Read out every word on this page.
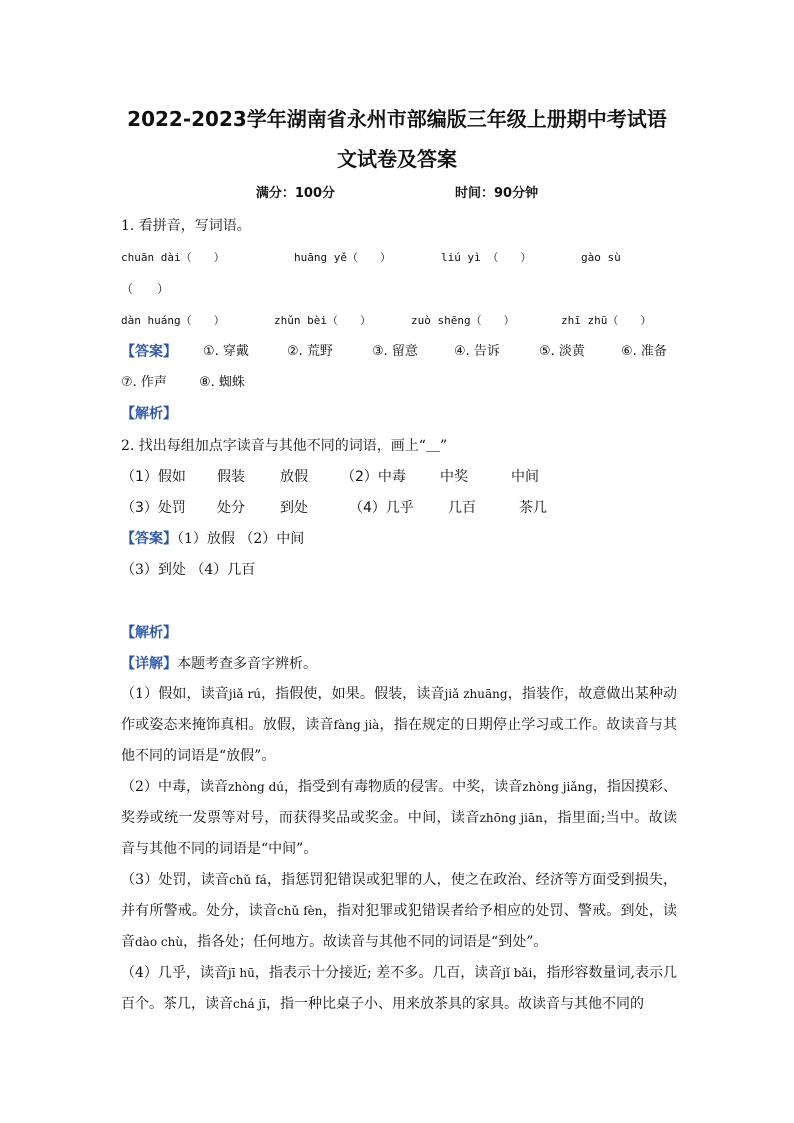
2022-2023学年湖南省永州市部编版三年级上册期中考试语
文试卷及答案
满分：100分	时间：90分钟
1. 看拼音，写词语。
chuān dài（　　）	huāng yě（　　）	liú yì （　　）	gào sù
（　　）
dàn huáng（　　）	zhǔn bèi（　　）	zuò shēng（　　）	zhī zhū（　　）
【答案】 ①. 穿戴	②. 荒野	③. 留意	④. 告诉	⑤. 淡黄	⑥. 准备
⑦. 作声 ⑧. 蜘蛛
【解析】
2. 找出每组加点字读音与其他不同的词语，画上“＿”
（1）假如 假装	放假 （2）中毒 中奖	中间
（3）处罚 处分	到处	（4）几乎 几百	茶几
【答案】（1）放假 （2）中间
（3）到处 （4）几百
【解析】
【详解】本题考查多音字辨析。
（1）假如，读音jiǎ rú，指假使，如果。假装，读音jiǎ zhuāng，指装作，故意做出某种动作或姿态来掩饰真相。放假，读音fàng jià，指在规定的日期停止学习或工作。故读音与其他不同的词语是“放假”。
（2）中毒，读音zhòng dú，指受到有毒物质的侵害。中奖，读音zhòng jiǎng，指因摸彩、奖券或统一发票等对号，而获得奖品或奖金。中间，读音zhōng jiān，指里面;当中。故读音与其他不同的词语是“中间”。
（3）处罚，读音chǔ fá，指惩罚犯错误或犯罪的人，使之在政治、经济等方面受到损失，并有所警戒。处分，读音chǔ fèn，指对犯罪或犯错误者给予相应的处罚、警戒。到处，读音dào chù，指各处；任何地方。故读音与其他不同的词语是“到处”。
（4）几乎，读音jī hū，指表示十分接近; 差不多。几百，读音jǐ bǎi，指形容数量词,表示几百个。茶几，读音chá jī，指一种比桌子小、用来放茶具的家具。故读音与其他不同的
